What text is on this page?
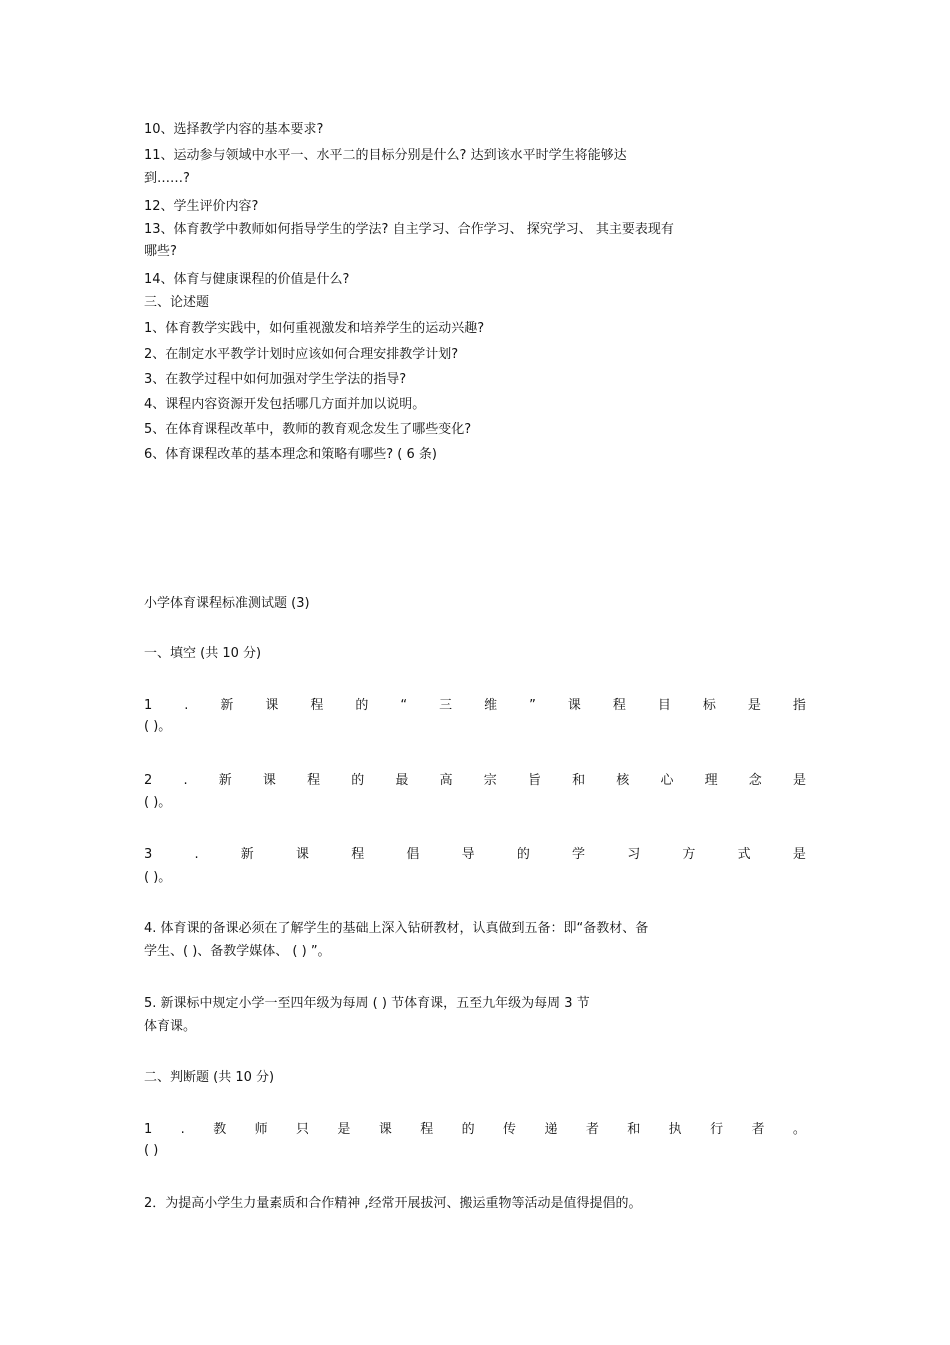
10、选择教学内容的基本要求?
11、运动参与领域中水平一、水平二的目标分别是什么? 达到该水平时学生将能够达
到……?
12、学生评价内容?
13、体育教学中教师如何指导学生的学法? 自主学习、合作学习、 探究学习、 其主要表现有
哪些?
14、体育与健康课程的价值是什么?
三、论述题
1、体育教学实践中，如何重视激发和培养学生的运动兴趣?
2、在制定水平教学计划时应该如何合理安排教学计划?
3、在教学过程中如何加强对学生学法的指导?
4、课程内容资源开发包括哪几方面并加以说明。
5、在体育课程改革中，教师的教育观念发生了哪些变化?
6、体育课程改革的基本理念和策略有哪些? ( 6 条)
小学体育课程标准测试题 (3)
一、填空 (共 10 分)
1 . 新 课 程 的 “ 三 维 ” 课 程 目 标 是 指
( )。
2 . 新 课 程 的 最 高 宗 旨 和 核 心 理 念 是
( )。
3	.	新	课	程	倡	导	的	学	习	方	式	是
( )。
4. 体育课的备课必须在了解学生的基础上深入钻研教材，认真做到五备：即“备教材、备
学生、( )、备教学媒体、 ( ) ”。
5. 新课标中规定小学一至四年级为每周 ( ) 节体育课，五至九年级为每周 3 节
体育课。
二、判断题 (共 10 分)
1 . 教 师 只 是 课 程 的 传 递 者 和 执 行 者 。
( )
2．为提高小学生力量素质和合作精神 ,经常开展拔河、搬运重物等活动是值得提倡的。
